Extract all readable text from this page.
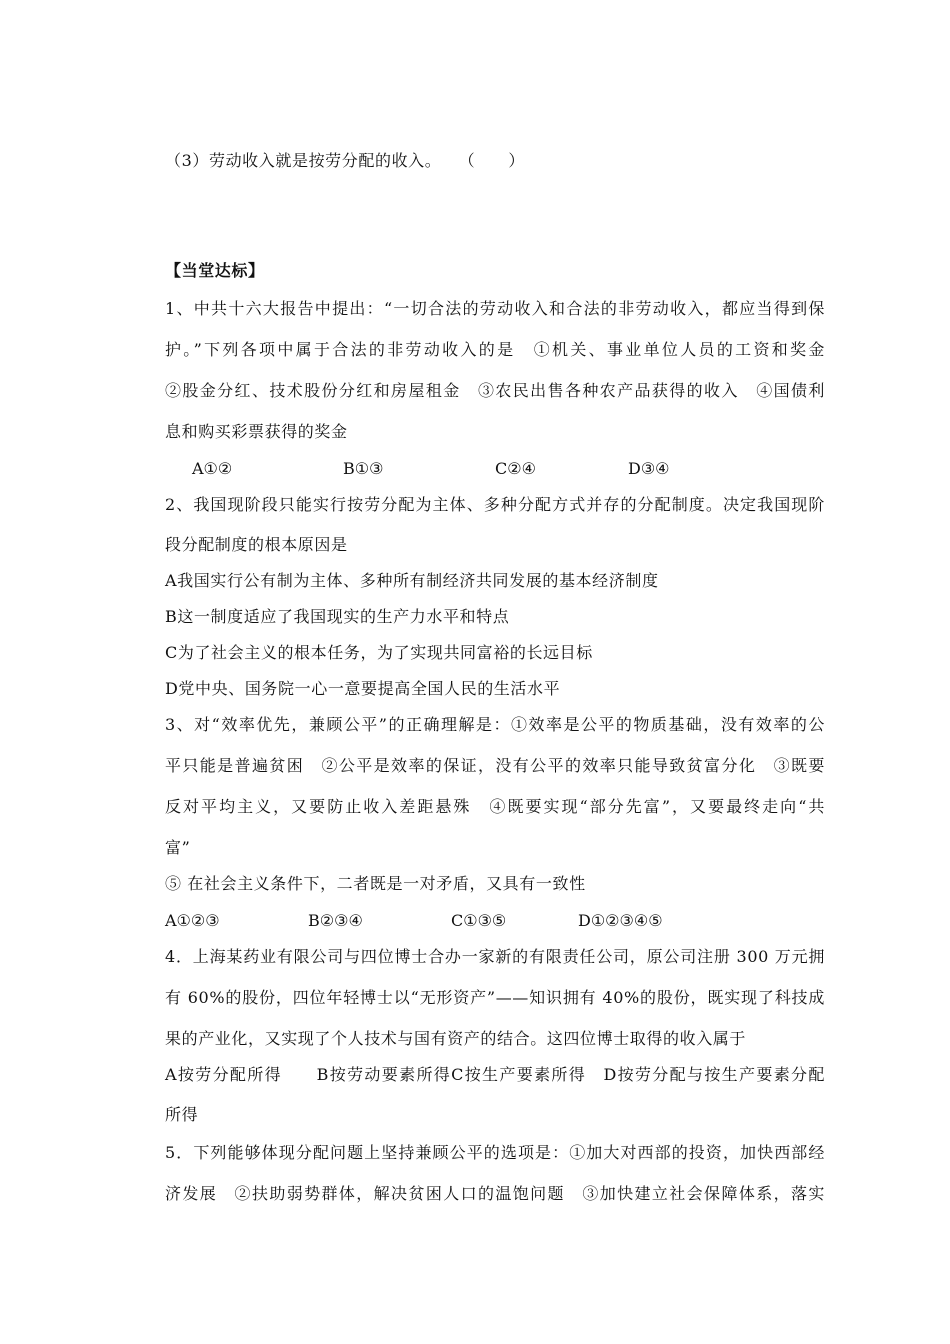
（3）劳动收入就是按劳分配的收入。　　（　　）
【当堂达标】
1、中共十六大报告中提出：“一切合法的劳动收入和合法的非劳动收入，都应当得到保
护。”下列各项中属于合法的非劳动收入的是　①机关、事业单位人员的工资和奖金
②股金分红、技术股份分红和房屋租金　③农民出售各种农产品获得的收入　④国债利
息和购买彩票获得的奖金
A①②	B①③	C②④	D③④
2、我国现阶段只能实行按劳分配为主体、多种分配方式并存的分配制度。决定我国现阶
段分配制度的根本原因是
A我国实行公有制为主体、多种所有制经济共同发展的基本经济制度
B这一制度适应了我国现实的生产力水平和特点
C为了社会主义的根本任务，为了实现共同富裕的长远目标
D党中央、国务院一心一意要提高全国人民的生活水平
3、对“效率优先，兼顾公平”的正确理解是：①效率是公平的物质基础，没有效率的公
平只能是普遍贫困　②公平是效率的保证，没有公平的效率只能导致贫富分化　③既要
反对平均主义，又要防止收入差距悬殊　④既要实现“部分先富”，又要最终走向“共
富”
⑤ 在社会主义条件下，二者既是一对矛盾，又具有一致性
A①②③	B②③④	C①③⑤	D①②③④⑤
4．上海某药业有限公司与四位博士合办一家新的有限责任公司，原公司注册 300 万元拥
有 60%的股份，四位年轻博士以“无形资产”——知识拥有 40%的股份，既实现了科技成
果的产业化，又实现了个人技术与国有资产的结合。这四位博士取得的收入属于
A按劳分配所得　　B按劳动要素所得C按生产要素所得　D按劳分配与按生产要素分配
所得
5．下列能够体现分配问题上坚持兼顾公平的选项是：①加大对西部的投资，加快西部经
济发展　②扶助弱势群体，解决贫困人口的温饱问题　③加快建立社会保障体系，落实
